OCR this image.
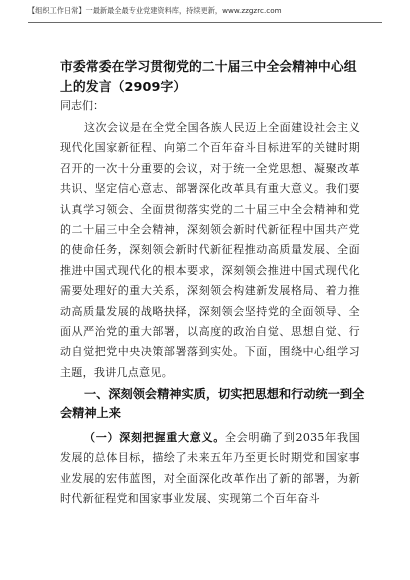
【组织工作日常】一最新最全最专业党建资料库，持续更新，www.zzgzrc.com
市委常委在学习贯彻党的二十届三中全会精神中心组上的发言（2909字）
同志们：
这次会议是在全党全国各族人民迈上全面建设社会主义现代化国家新征程、向第二个百年奋斗目标进军的关键时期召开的一次十分重要的会议，对于统一全党思想、凝聚改革共识、坚定信心意志、部署深化改革具有重大意义。我们要认真学习领会、全面贯彻落实党的二十届三中全会精神和党的二十届三中全会精神，深刻领会新时代新征程中国共产党的使命任务，深刻领会新时代新征程推动高质量发展、全面推进中国式现代化的根本要求，深刻领会推进中国式现代化需要处理好的重大关系，深刻领会构建新发展格局、着力推动高质量发展的战略抉择，深刻领会坚持党的全面领导、全面从严治党的重大部署，以高度的政治自觉、思想自觉、行动自觉把党中央决策部署落到实处。下面，围绕中心组学习主题，我讲几点意见。
一、深刻领会精神实质，切实把思想和行动统一到全会精神上来
（一）深刻把握重大意义。全会明确了到2035年我国发展的总体目标，描绘了未来五年乃至更长时期党和国家事业发展的宏伟蓝图，对全面深化改革作出了新的部署，为新时代新征程党和国家事业发展、实现第二个百年奋斗
